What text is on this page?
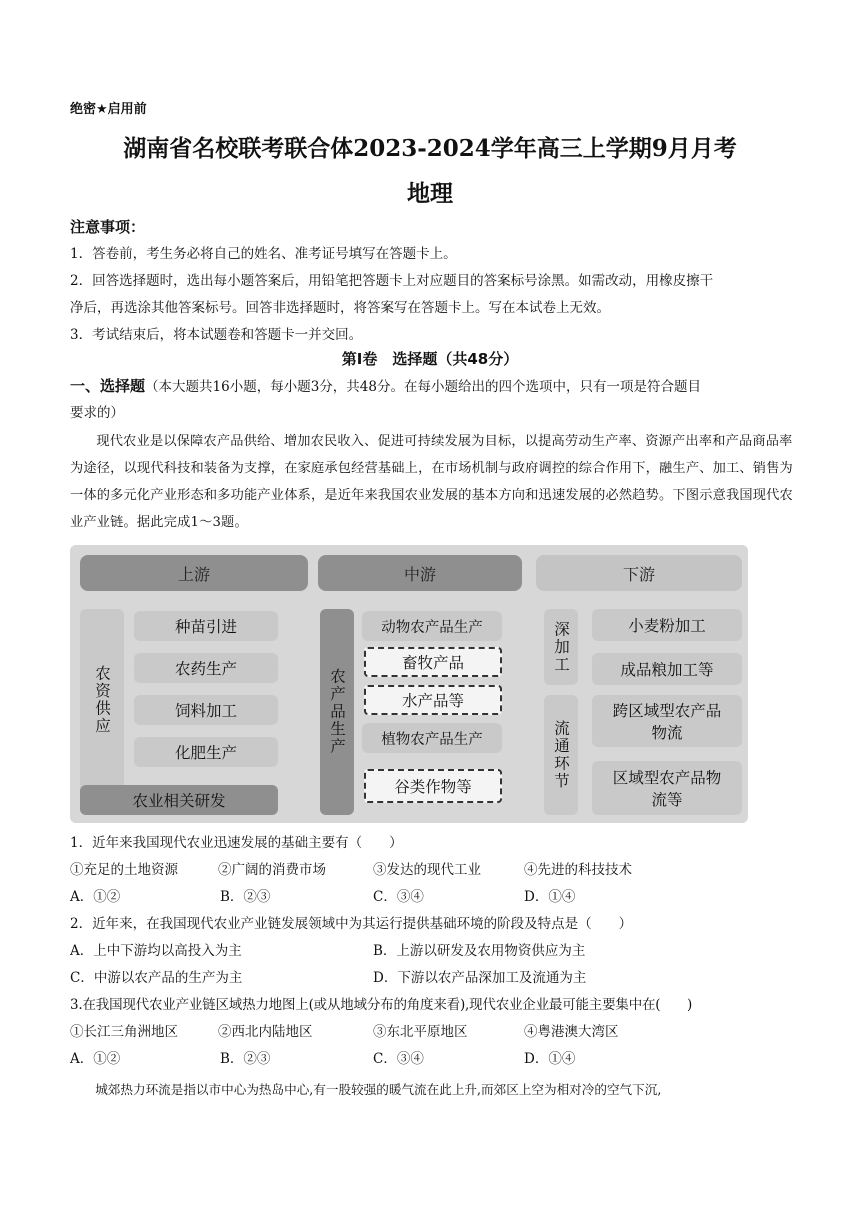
绝密★启用前
湖南省名校联考联合体2023-2024学年高三上学期9月月考
地理
注意事项：
1．答卷前，考生务必将自己的姓名、准考证号填写在答题卡上。
2．回答选择题时，选出每小题答案后，用铅笔把答题卡上对应题目的答案标号涂黑。如需改动，用橡皮擦干
净后，再选涂其他答案标号。回答非选择题时，将答案写在答题卡上。写在本试卷上无效。
3．考试结束后，将本试题卷和答题卡一并交回。
第Ⅰ卷　选择题（共48分）
一、选择题（本大题共16小题，每小题3分，共48分。在每小题给出的四个选项中，只有一项是符合题目
要求的）
现代农业是以保障农产品供给、增加农民收入、促进可持续发展为目标，以提高劳动生产率、资源产出率和产品商品率为途径，以现代科技和装备为支撑，在家庭承包经营基础上，在市场机制与政府调控的综合作用下，融生产、加工、销售为一体的多元化产业形态和多功能产业体系，是近年来我国农业发展的基本方向和迅速发展的必然趋势。下图示意我国现代农业产业链。据此完成1～3题。
上游	中游	下游
农资供应
种苗引进
农药生产
饲料加工
化肥生产
农业相关研发
农产品生产
动物农产品生产
畜牧产品
水产品等
植物农产品生产
谷类作物等
深加工
流通环节
小麦粉加工
成品粮加工等
跨区域型农产品物流
区域型农产品物流等
1．近年来我国现代农业迅速发展的基础主要有（　　）
①充足的土地资源	②广阔的消费市场	③发达的现代工业	④先进的科技技术
A．①②	B．②③	C．③④	D．①④
2．近年来，在我国现代农业产业链发展领域中为其运行提供基础环境的阶段及特点是（　　）
A．上中下游均以高投入为主	B．上游以研发及农用物资供应为主
C．中游以农产品的生产为主	D．下游以农产品深加工及流通为主
3.在我国现代农业产业链区域热力地图上(或从地域分布的角度来看),现代农业企业最可能主要集中在(　　)
①长江三角洲地区	②西北内陆地区	③东北平原地区	④粤港澳大湾区
A．①②	B．②③	C．③④	D．①④
城郊热力环流是指以市中心为热岛中心,有一股较强的暖气流在此上升,而郊区上空为相对冷的空气下沉,
